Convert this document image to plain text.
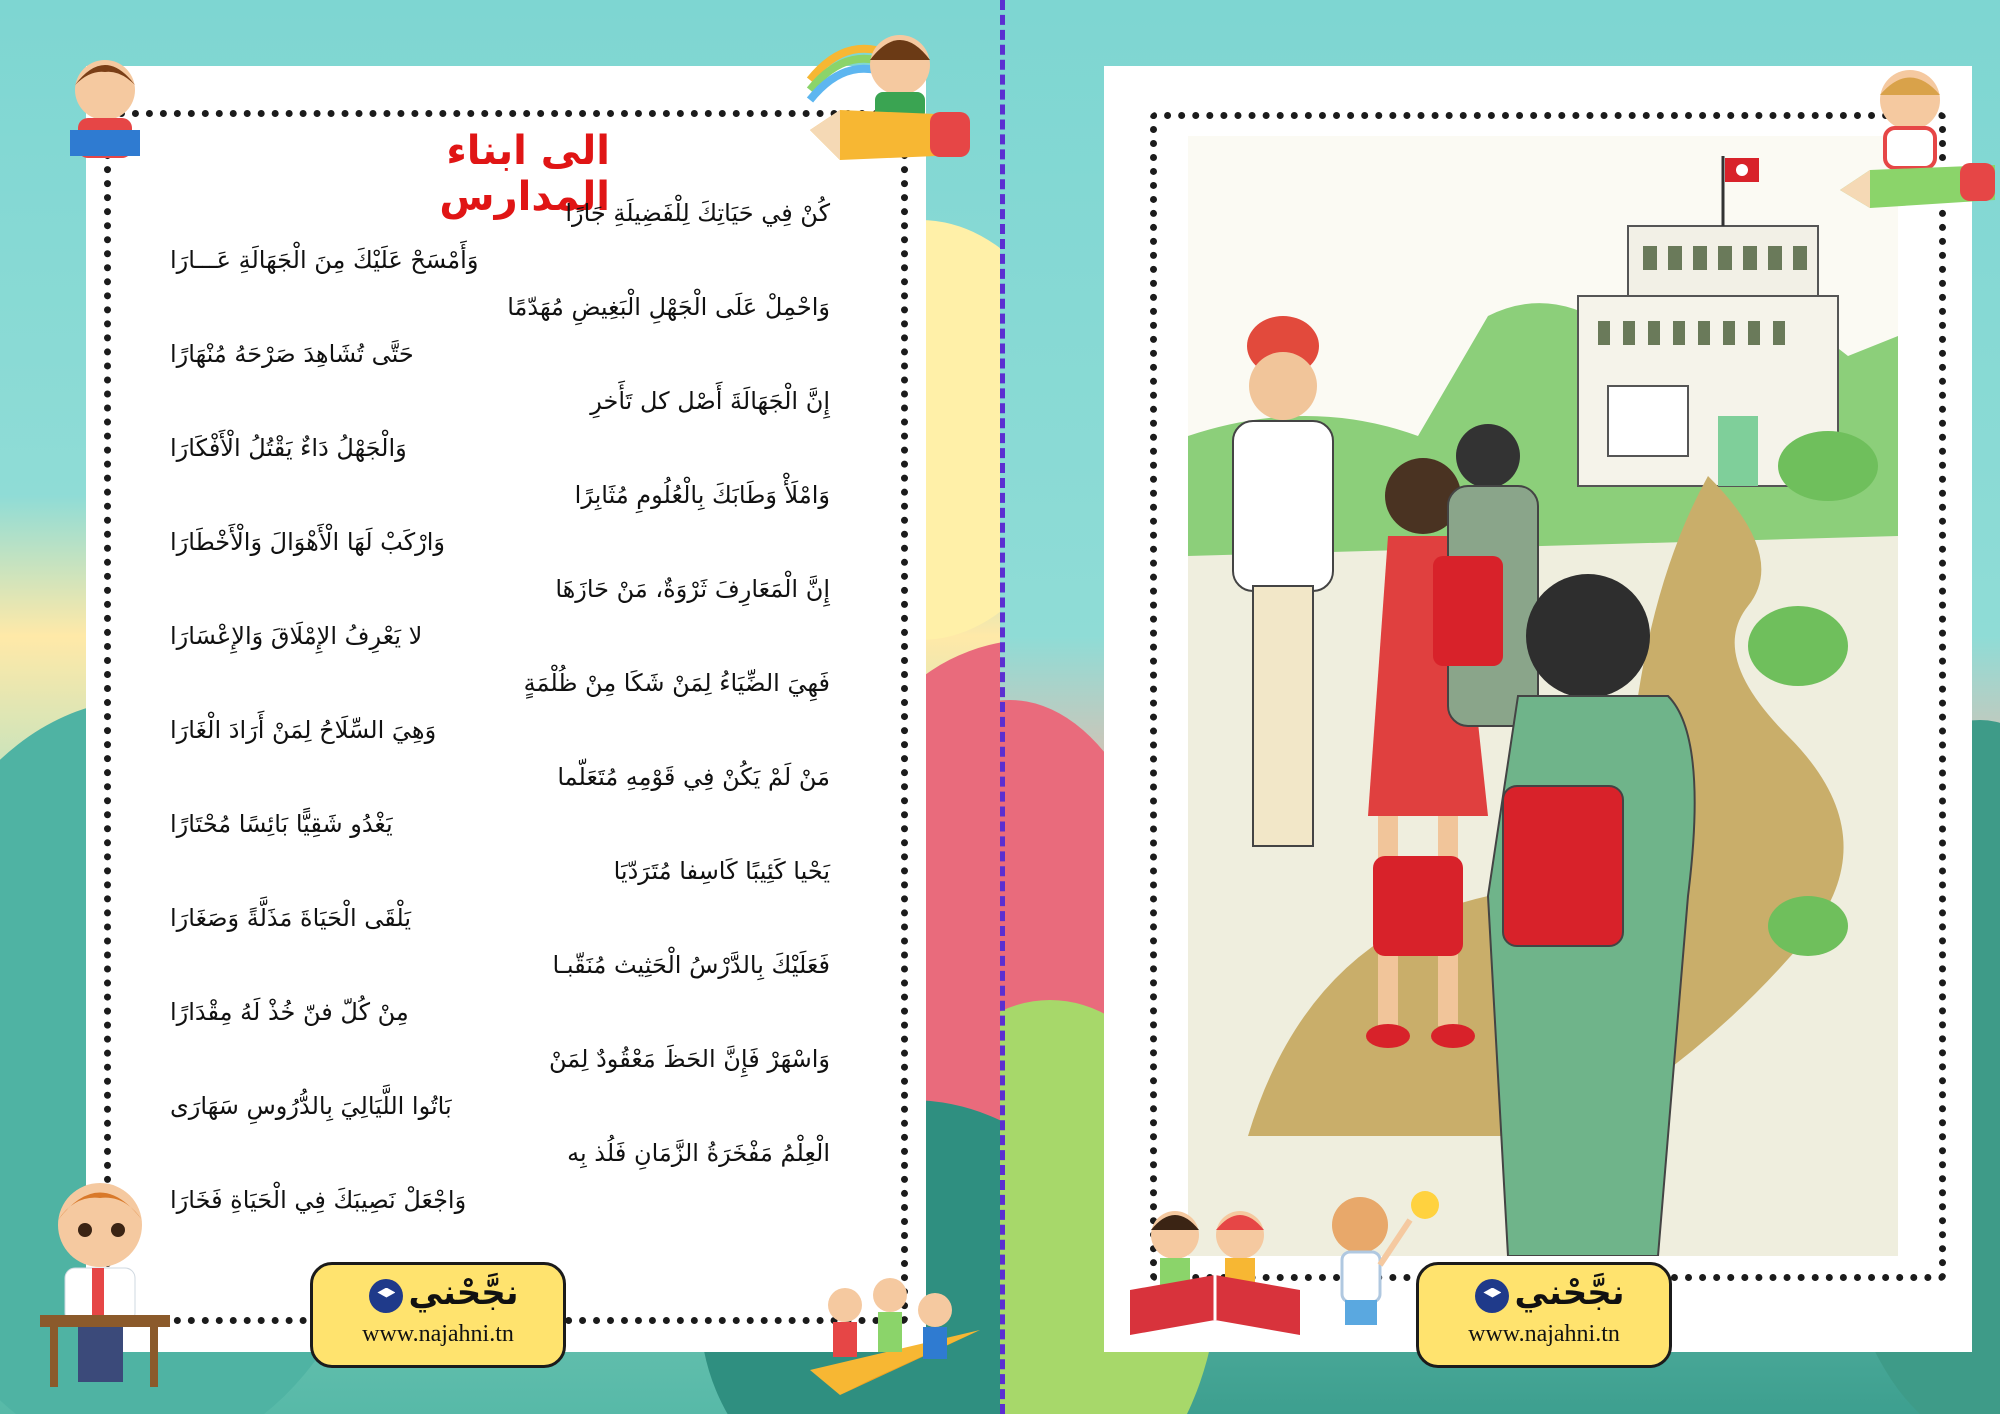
الى ابناء المدارس
كُنْ فِي حَيَاتِكَ لِلْفَضِيلَةِ جَارًا
وَأَمْسَحْ عَلَيْكَ مِنَ الْجَهَالَةِ عَـــارَا
وَاحْمِلْ عَلَى الْجَهْلِ الْبَغِيضِ مُهَدّمًا
حَتَّى تُشَاهِدَ صَرْحَهُ مُنْهَارًا
إِنَّ الْجَهَالَةَ أَصْل كل تَأَخرِ
وَالْجَهْلُ دَاءٌ يَقْتُلُ الْأَفْكَارَا
وَامْلَأْ وَطَابَكَ بِالْعُلُومِ مُثَابِرًا
وَارْكَبْ لَهَا الْأَهْوَالَ وَالْأَخْطَارَا
إِنَّ الْمَعَارِفَ ثَرْوَةٌ، مَنْ حَازَهَا
لا يَعْرِفُ الإِمْلَاقَ وَالإِعْسَارَا
فَهِيَ الضِّيَاءُ لِمَنْ شَكَا مِنْ ظُلْمَةٍ
وَهِيَ السِّلَاحُ لِمَنْ أَرَادَ الْغَارَا
مَنْ لَمْ يَكُنْ فِي قَوْمِهِ مُتَعَلّما
يَغْدُو شَقِيًّا بَائِسًا مُحْتَارًا
يَحْيا كَئِيبًا كَاسِفا مُتَرَدّيَا
يَلْقَى الْحَيَاةَ مَذَلَّةً وَصَغَارَا
فَعَلَيْكَ بِالدَّرْسُ الْحَثِيث مُنَقّبـا
مِنْ كُلّ فنّ خُذْ لَهُ مِقْدَارًا
وَاسْهَرْ فَإِنَّ الحَظَ مَعْقُودٌ لِمَنْ
بَاتُوا اللَّيَالِيَ بِالدُّرُوسِ سَهَارَى
الْعِلْمُ مَفْخَرَةُ الزَّمَانِ فَلُذ بِه
وَاجْعَلْ نَصِيبَكَ فِي الْحَيَاةِ فَخَارَا
نجَّحْني
www.najahni.tn
نجَّحْني
www.najahni.tn
